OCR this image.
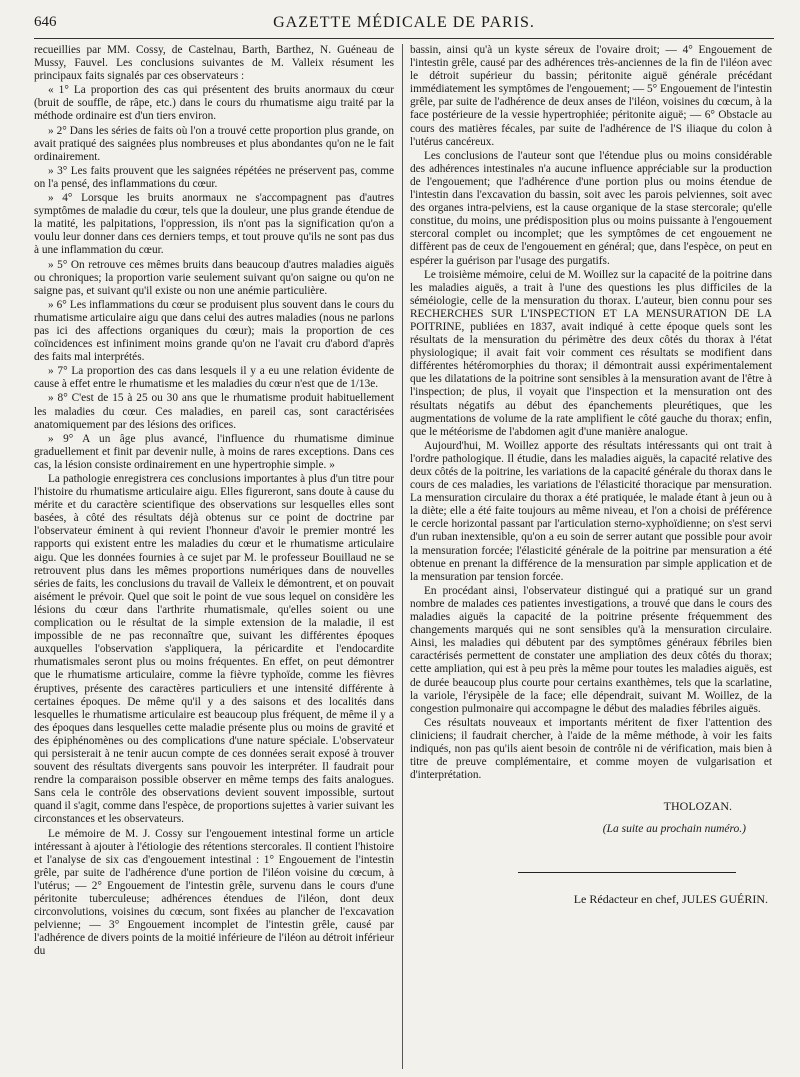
646	GAZETTE MÉDICALE DE PARIS.

recueillies par MM. Cossy, de Castelnau, Barth, Barthez, N. Guéneau de Mussy, Fauvel. Les conclusions suivantes de M. Valleix résument les principaux faits signalés par ces observateurs :

« 1° La proportion des cas qui présentent des bruits anormaux du cœur (bruit de souffle, de râpe, etc.) dans le cours du rhumatisme aigu traité par la méthode ordinaire est d'un tiers environ.

» 2° Dans les séries de faits où l'on a trouvé cette proportion plus grande, on avait pratiqué des saignées plus nombreuses et plus abondantes qu'on ne le fait ordinairement.

» 3° Les faits prouvent que les saignées répétées ne préservent pas, comme on l'a pensé, des inflammations du cœur.

» 4° Lorsque les bruits anormaux ne s'accompagnent pas d'autres symptômes de maladie du cœur, tels que la douleur, une plus grande étendue de la matité, les palpitations, l'oppression, ils n'ont pas la signification qu'on a voulu leur donner dans ces derniers temps, et tout prouve qu'ils ne sont pas dus à une inflammation du cœur.

» 5° On retrouve ces mêmes bruits dans beaucoup d'autres maladies aiguës ou chroniques; la proportion varie seulement suivant qu'on saigne ou qu'on ne saigne pas, et suivant qu'il existe ou non une anémie particulière.

» 6° Les inflammations du cœur se produisent plus souvent dans le cours du rhumatisme articulaire aigu que dans celui des autres maladies (nous ne parlons pas ici des affections organiques du cœur); mais la proportion de ces coïncidences est infiniment moins grande qu'on ne l'avait cru d'abord d'après des faits mal interprétés.

» 7° La proportion des cas dans lesquels il y a eu une relation évidente de cause à effet entre le rhumatisme et les maladies du cœur n'est que de 1/13e.

» 8° C'est de 15 à 25 ou 30 ans que le rhumatisme produit habituellement les maladies du cœur. Ces maladies, en pareil cas, sont caractérisées anatomiquement par des lésions des orifices.

» 9° A un âge plus avancé, l'influence du rhumatisme diminue graduellement et finit par devenir nulle, à moins de rares exceptions. Dans ces cas, la lésion consiste ordinairement en une hypertrophie simple. »

La pathologie enregistrera ces conclusions importantes à plus d'un titre pour l'histoire du rhumatisme articulaire aigu. Elles figureront, sans doute à cause du mérite et du caractère scientifique des observations sur lesquelles elles sont basées, à côté des résultats déjà obtenus sur ce point de doctrine par l'observateur éminent à qui revient l'honneur d'avoir le premier montré les rapports qui existent entre les maladies du cœur et le rhumatisme articulaire aigu. Que les données fournies à ce sujet par M. le professeur Bouillaud ne se retrouvent plus dans les mêmes proportions numériques dans de nouvelles séries de faits, les conclusions du travail de Valleix le démontrent, et on pouvait aisément le prévoir. Quel que soit le point de vue sous lequel on considère les lésions du cœur dans l'arthrite rhumatismale, qu'elles soient ou une complication ou le résultat de la simple extension de la maladie, il est impossible de ne pas reconnaître que, suivant les différentes époques auxquelles l'observation s'appliquera, la péricardite et l'endocardite rhumatismales seront plus ou moins fréquentes. En effet, on peut démontrer que le rhumatisme articulaire, comme la fièvre typhoïde, comme les fièvres éruptives, présente des caractères particuliers et une intensité différente à certaines époques. De même qu'il y a des saisons et des localités dans lesquelles le rhumatisme articulaire est beaucoup plus fréquent, de même il y a des époques dans lesquelles cette maladie présente plus ou moins de gravité et des épiphénomènes ou des complications d'une nature spéciale. L'observateur qui persisterait à ne tenir aucun compte de ces données serait exposé à trouver souvent des résultats divergents sans pouvoir les interpréter. Il faudrait pour rendre la comparaison possible observer en même temps des faits analogues. Sans cela le contrôle des observations devient souvent impossible, surtout quand il s'agit, comme dans l'espèce, de proportions sujettes à varier suivant les circonstances et les observateurs.

Le mémoire de M. J. Cossy sur l'engouement intestinal forme un article intéressant à ajouter à l'étiologie des rétentions stercorales. Il contient l'histoire et l'analyse de six cas d'engouement intestinal : 1° Engouement de l'intestin grêle, par suite de l'adhérence d'une portion de l'iléon voisine du cœcum, à l'utérus; — 2° Engouement de l'intestin grêle, survenu dans le cours d'une péritonite tuberculeuse; adhérences étendues de l'iléon, dont deux circonvolutions, voisines du cœcum, sont fixées au plancher de l'excavation pelvienne; — 3° Engouement incomplet de l'intestin grêle, causé par l'adhérence de divers points de la moitié inférieure de l'iléon au détroit inférieur du

bassin, ainsi qu'à un kyste séreux de l'ovaire droit; — 4° Engouement de l'intestin grêle, causé par des adhérences très-anciennes de la fin de l'iléon avec le détroit supérieur du bassin; péritonite aiguë générale précédant immédiatement les symptômes de l'engouement; — 5° Engouement de l'intestin grêle, par suite de l'adhérence de deux anses de l'iléon, voisines du cœcum, à la face postérieure de la vessie hypertrophiée; péritonite aiguë; — 6° Obstacle au cours des matières fécales, par suite de l'adhérence de l'S iliaque du colon à l'utérus cancéreux.

Les conclusions de l'auteur sont que l'étendue plus ou moins considérable des adhérences intestinales n'a aucune influence appréciable sur la production de l'engouement; que l'adhérence d'une portion plus ou moins étendue de l'intestin dans l'excavation du bassin, soit avec les parois pelviennes, soit avec des organes intra-pelviens, est la cause organique de la stase stercorale; qu'elle constitue, du moins, une prédisposition plus ou moins puissante à l'engouement stercoral complet ou incomplet; que les symptômes de cet engouement ne diffèrent pas de ceux de l'engouement en général; que, dans l'espèce, on peut en espérer la guérison par l'usage des purgatifs.

Le troisième mémoire, celui de M. Woillez sur la capacité de la poitrine dans les maladies aiguës, a trait à l'une des questions les plus difficiles de la séméiologie, celle de la mensuration du thorax. L'auteur, bien connu pour ses RECHERCHES SUR L'INSPECTION ET LA MENSURATION DE LA POITRINE, publiées en 1837, avait indiqué à cette époque quels sont les résultats de la mensuration du périmètre des deux côtés du thorax à l'état physiologique; il avait fait voir comment ces résultats se modifient dans différentes hétéromorphies du thorax; il démontrait aussi expérimentalement que les dilatations de la poitrine sont sensibles à la mensuration avant de l'être à l'inspection; de plus, il voyait que l'inspection et la mensuration ont des résultats négatifs au début des épanchements pleurétiques, que les augmentations de volume de la rate amplifient le côté gauche du thorax; enfin, que le météorisme de l'abdomen agit d'une manière analogue.

Aujourd'hui, M. Woillez apporte des résultats intéressants qui ont trait à l'ordre pathologique. Il étudie, dans les maladies aiguës, la capacité relative des deux côtés de la poitrine, les variations de la capacité générale du thorax dans le cours de ces maladies, les variations de l'élasticité thoracique par mensuration. La mensuration circulaire du thorax a été pratiquée, le malade étant à jeun ou à la diète; elle a été faite toujours au même niveau, et l'on a choisi de préférence le cercle horizontal passant par l'articulation sterno-xyphoïdienne; on s'est servi d'un ruban inextensible, qu'on a eu soin de serrer autant que possible pour avoir la mensuration forcée; l'élasticité générale de la poitrine par mensuration a été obtenue en prenant la différence de la mensuration par simple application et de la mensuration par tension forcée.

En procédant ainsi, l'observateur distingué qui a pratiqué sur un grand nombre de malades ces patientes investigations, a trouvé que dans le cours des maladies aiguës la capacité de la poitrine présente fréquemment des changements marqués qui ne sont sensibles qu'à la mensuration circulaire. Ainsi, les maladies qui débutent par des symptômes généraux fébriles bien caractérisés permettent de constater une ampliation des deux côtés du thorax; cette ampliation, qui est à peu près la même pour toutes les maladies aiguës, est de durée beaucoup plus courte pour certains exanthèmes, tels que la scarlatine, la variole, l'érysipèle de la face; elle dépendrait, suivant M. Woillez, de la congestion pulmonaire qui accompagne le début des maladies fébriles aiguës.

Ces résultats nouveaux et importants méritent de fixer l'attention des cliniciens; il faudrait chercher, à l'aide de la même méthode, à voir les faits indiqués, non pas qu'ils aient besoin de contrôle ni de vérification, mais bien à titre de preuve complémentaire, et comme moyen de vulgarisation et d'interprétation.

THOLOZAN.
(La suite au prochain numéro.)
Le Rédacteur en chef, JULES GUÉRIN.
